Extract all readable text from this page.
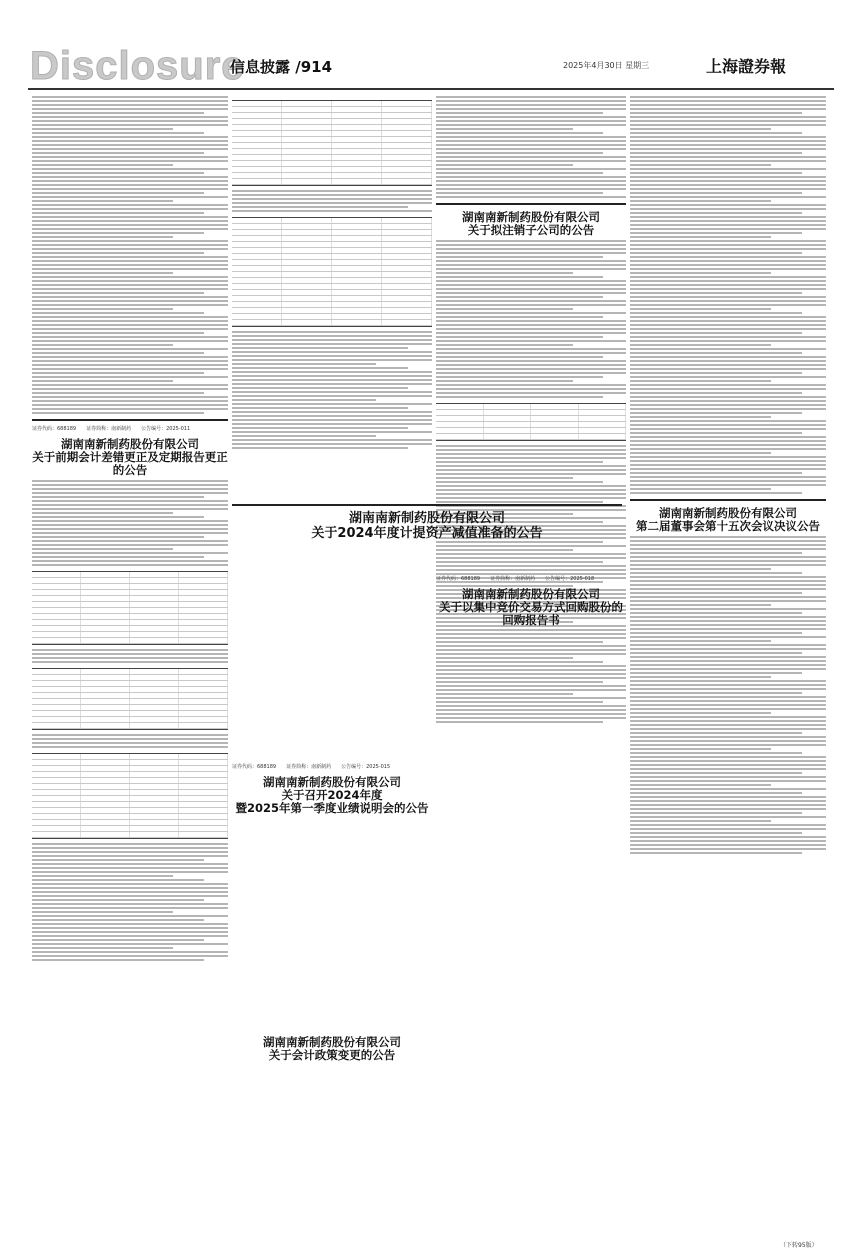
Disclosure
信息披露 /914	2025年4月30日 星期三	上海證券報
证券代码：688189　　证券简称：南新制药　　公告编号：2025-011
湖南南新制药股份有限公司
关于前期会计差错更正及定期报告更正的公告
湖南南新制药股份有限公司
关于拟注销子公司的公告
湖南南新制药股份有限公司
第二届董事会第十五次会议决议公告
湖南南新制药股份有限公司
关于2024年度计提资产减值准备的公告
证券代码：688189　　证券简称：南新制药　　公告编号：2025-018
湖南南新制药股份有限公司
关于以集中竞价交易方式回购股份的回购报告书
证券代码：688189　　证券简称：南新制药　　公告编号：2025-015
湖南南新制药股份有限公司
关于召开2024年度
暨2025年第一季度业绩说明会的公告
湖南南新制药股份有限公司
关于会计政策变更的公告
（下转95版）
